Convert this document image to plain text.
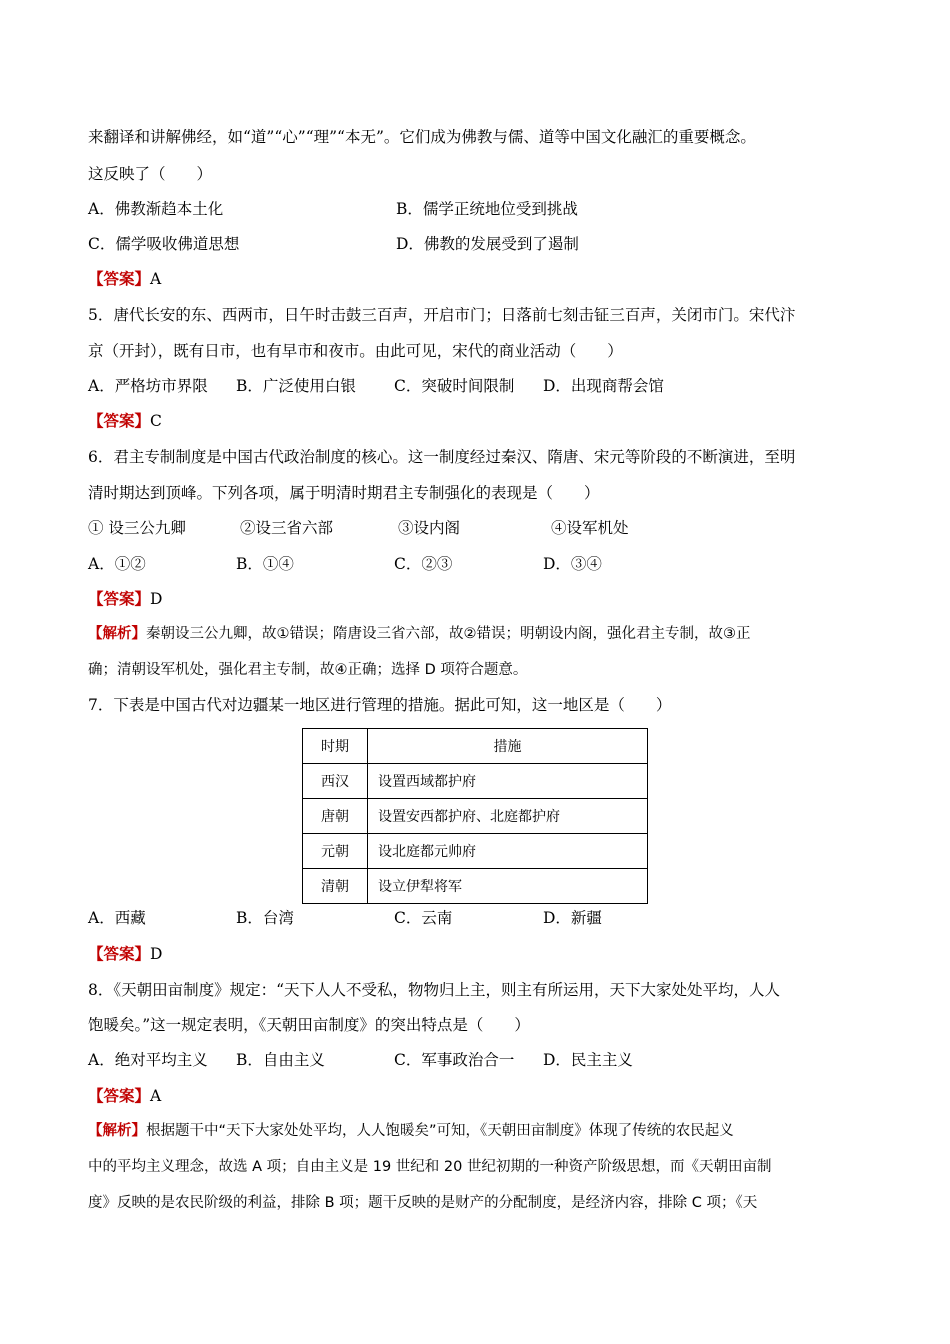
来翻译和讲解佛经，如“道”“心”“理”“本无”。它们成为佛教与儒、道等中国文化融汇的重要概念。
这反映了（　　）
A．佛教渐趋本土化	B．儒学正统地位受到挑战
C．儒学吸收佛道思想	D．佛教的发展受到了遏制
【答案】A
5．唐代长安的东、西两市，日午时击鼓三百声，开启市门；日落前七刻击钲三百声，关闭市门。宋代汴
京（开封），既有日市，也有早市和夜市。由此可见，宋代的商业活动（　　）
A．严格坊市界限 B．广泛使用白银 C．突破时间限制 D．出现商帮会馆
【答案】C
6．君主专制制度是中国古代政治制度的核心。这一制度经过秦汉、隋唐、宋元等阶段的不断演进，至明
清时期达到顶峰。下列各项，属于明清时期君主专制强化的表现是（　　）
① 设三公九卿	②设三省六部	③设内阁	④设军机处
A．①②	B．①④	C．②③	D．③④
【答案】D
【解析】秦朝设三公九卿，故①错误；隋唐设三省六部，故②错误；明朝设内阁，强化君主专制，故③正
确；清朝设军机处，强化君主专制，故④正确；选择 D 项符合题意。
7．下表是中国古代对边疆某一地区进行管理的措施。据此可知，这一地区是（　　）
时期	措施
西汉	设置西域都护府
唐朝	设置安西都护府、北庭都护府
元朝	设北庭都元帅府
清朝	设立伊犁将军
A．西藏	B．台湾	C．云南	D．新疆
【答案】D
8．《天朝田亩制度》规定：“天下人人不受私，物物归上主，则主有所运用，天下大家处处平均，人人
饱暖矣。”这一规定表明，《天朝田亩制度》的突出特点是（　　）
A．绝对平均主义 B．自由主义	C．军事政治合一 D．民主主义
【答案】A
【解析】根据题干中“天下大家处处平均，人人饱暖矣”可知，《天朝田亩制度》体现了传统的农民起义
中的平均主义理念，故选 A 项；自由主义是 19 世纪和 20 世纪初期的一种资产阶级思想，而《天朝田亩制
度》反映的是农民阶级的利益，排除 B 项；题干反映的是财产的分配制度，是经济内容，排除 C 项；《天
